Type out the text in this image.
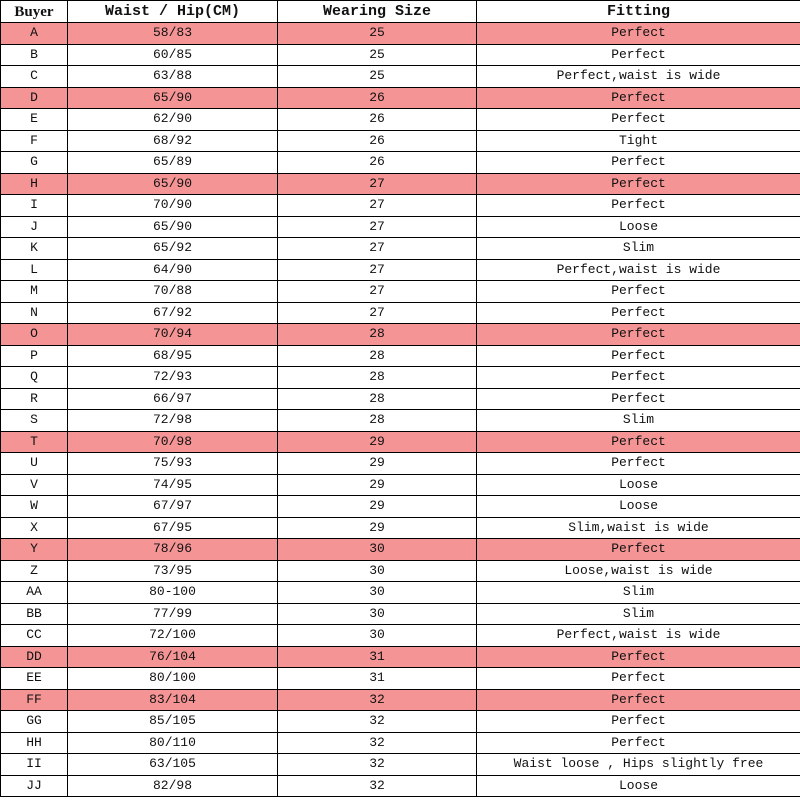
Buyer	Waist / Hip(CM)	Wearing Size	Fitting
A	58/83	25	Perfect
B	60/85	25	Perfect
C	63/88	25	Perfect,waist is wide
D	65/90	26	Perfect
E	62/90	26	Perfect
F	68/92	26	Tight
G	65/89	26	Perfect
H	65/90	27	Perfect
I	70/90	27	Perfect
J	65/90	27	Loose
K	65/92	27	Slim
L	64/90	27	Perfect,waist is wide
M	70/88	27	Perfect
N	67/92	27	Perfect
O	70/94	28	Perfect
P	68/95	28	Perfect
Q	72/93	28	Perfect
R	66/97	28	Perfect
S	72/98	28	Slim
T	70/98	29	Perfect
U	75/93	29	Perfect
V	74/95	29	Loose
W	67/97	29	Loose
X	67/95	29	Slim,waist is wide
Y	78/96	30	Perfect
Z	73/95	30	Loose,waist is wide
AA	80-100	30	Slim
BB	77/99	30	Slim
CC	72/100	30	Perfect,waist is wide
DD	76/104	31	Perfect
EE	80/100	31	Perfect
FF	83/104	32	Perfect
GG	85/105	32	Perfect
HH	80/110	32	Perfect
II	63/105	32	Waist loose , Hips slightly free
JJ	82/98	32	Loose
